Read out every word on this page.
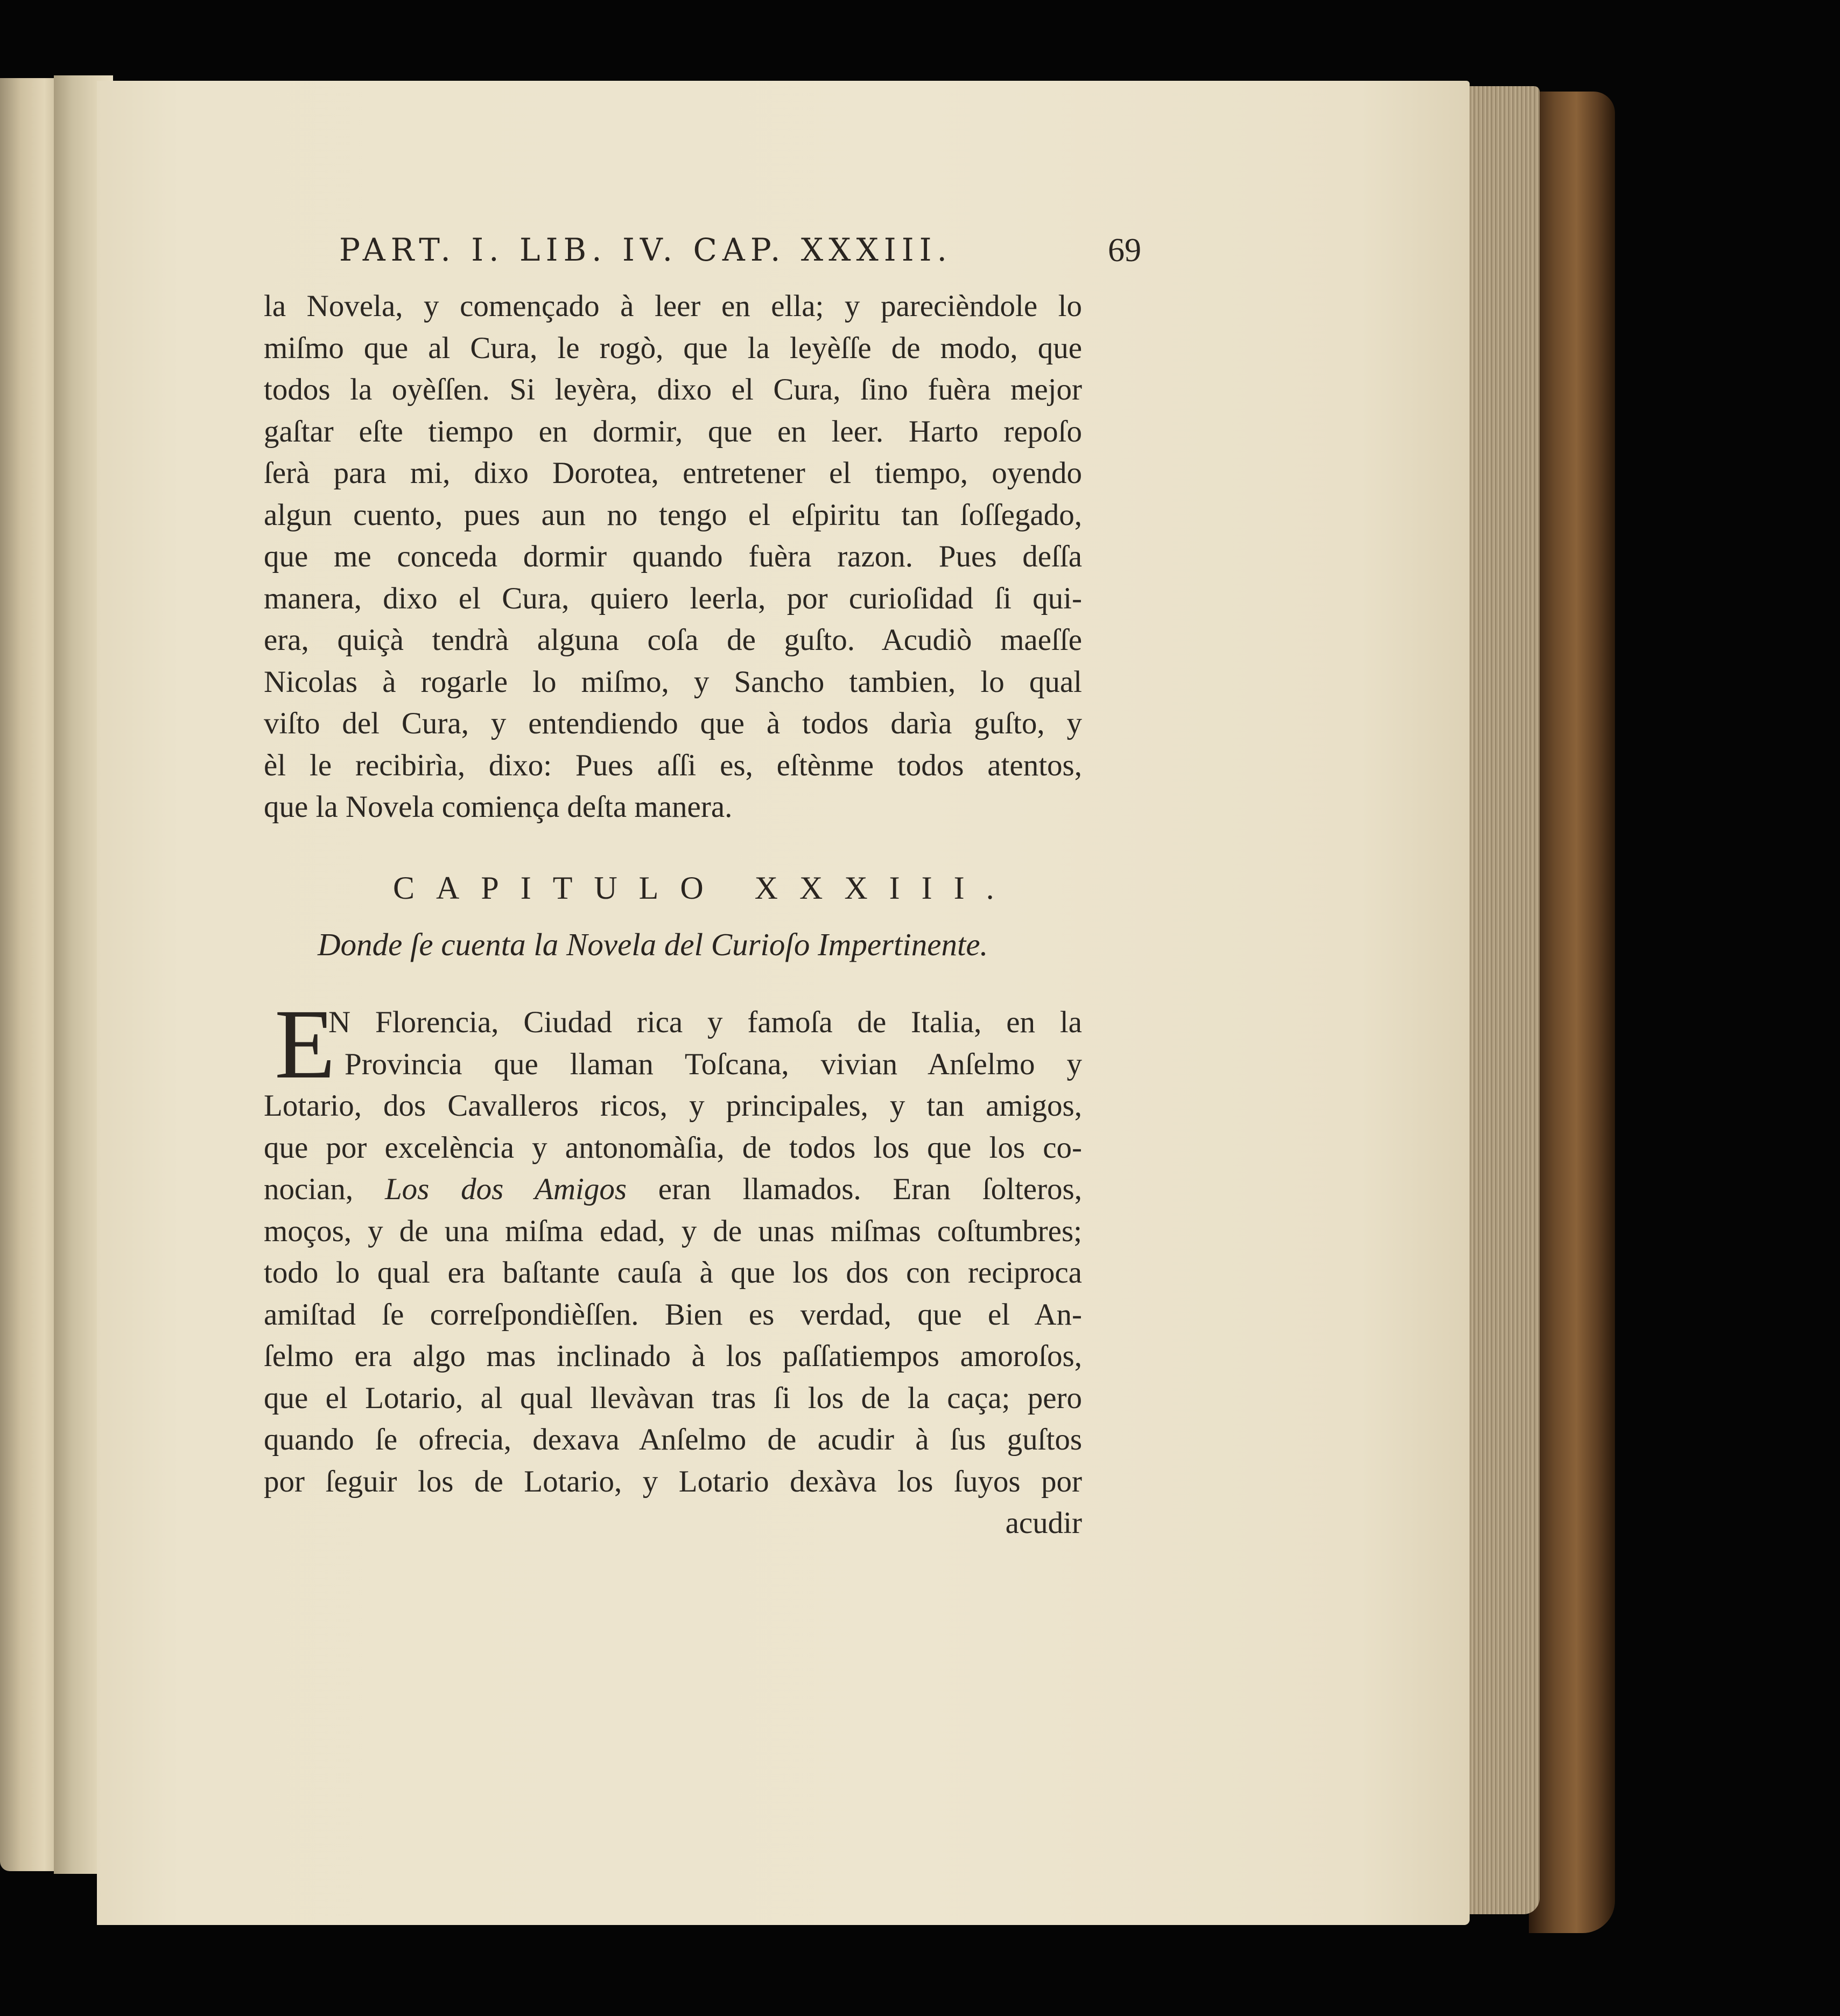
PART. I. LIB. IV. CAP. XXXIII.	69
la Novela, y començado à leer en ella; y parecièndole lo
miſmo que al Cura, le rogò, que la leyèſſe de modo, que
todos la oyèſſen. Si leyèra, dixo el Cura, ſino fuèra mejor
gaſtar eſte tiempo en dormir, que en leer. Harto repoſo
ſerà para mi, dixo Dorotea, entretener el tiempo, oyendo
algun cuento, pues aun no tengo el eſpiritu tan ſoſſegado,
que me conceda dormir quando fuèra razon. Pues deſſa
manera, dixo el Cura, quiero leerla, por curioſidad ſi qui-
era, quiçà tendrà alguna coſa de guſto. Acudiò maeſſe
Nicolas à rogarle lo miſmo, y Sancho tambien, lo qual
viſto del Cura, y entendiendo que à todos darìa guſto, y
èl le recibirìa, dixo: Pues aſſi es, eſtènme todos atentos,
que la Novela comiença deſta manera.
CAPITULO XXXIII.
Donde ſe cuenta la Novela del Curioſo Impertinente.
E
N Florencia, Ciudad rica y famoſa de Italia, en la
Provincia que llaman Toſcana, vivian Anſelmo y
Lotario, dos Cavalleros ricos, y principales, y tan amigos,
que por excelència y antonomàſia, de todos los que los co-
nocian, Los dos Amigos eran llamados. Eran ſolteros,
moços, y de una miſma edad, y de unas miſmas coſtumbres;
todo lo qual era baſtante cauſa à que los dos con reciproca
amiſtad ſe correſpondièſſen. Bien es verdad, que el An-
ſelmo era algo mas inclinado à los paſſatiempos amoroſos,
que el Lotario, al qual llevàvan tras ſi los de la caça; pero
quando ſe ofrecia, dexava Anſelmo de acudir à ſus guſtos
por ſeguir los de Lotario, y Lotario dexàva los ſuyos por
acudir
